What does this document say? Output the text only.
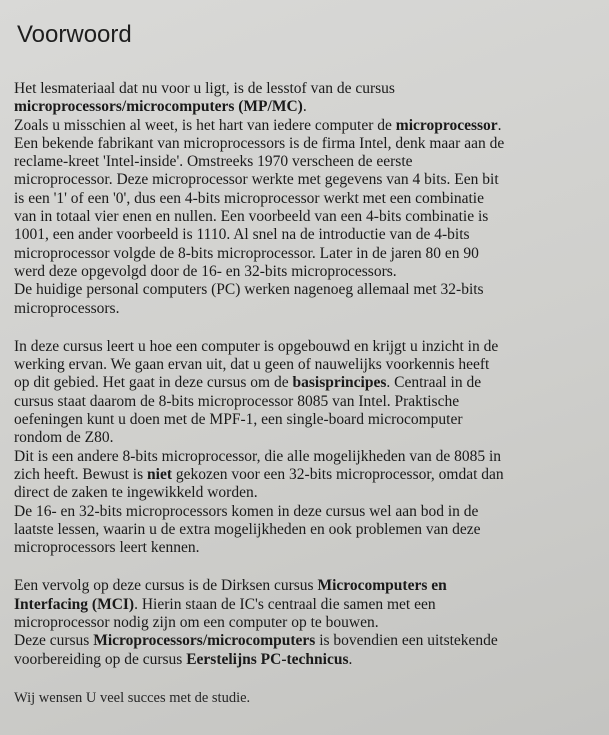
Voorwoord
Het lesmateriaal dat nu voor u ligt, is de lesstof van de cursus
microprocessors/microcomputers (MP/MC).
Zoals u misschien al weet, is het hart van iedere computer de microprocessor.
Een bekende fabrikant van microprocessors is de firma Intel, denk maar aan de
reclame-kreet 'Intel-inside'. Omstreeks 1970 verscheen de eerste
microprocessor. Deze microprocessor werkte met gegevens van 4 bits. Een bit
is een '1' of een '0', dus een 4-bits microprocessor werkt met een combinatie
van in totaal vier enen en nullen. Een voorbeeld van een 4-bits combinatie is
1001, een ander voorbeeld is 1110. Al snel na de introductie van de 4-bits
microprocessor volgde de 8-bits microprocessor. Later in de jaren 80 en 90
werd deze opgevolgd door de 16- en 32-bits microprocessors.
De huidige personal computers (PC) werken nagenoeg allemaal met 32-bits
microprocessors.
In deze cursus leert u hoe een computer is opgebouwd en krijgt u inzicht in de
werking ervan. We gaan ervan uit, dat u geen of nauwelijks voorkennis heeft
op dit gebied. Het gaat in deze cursus om de basisprincipes. Centraal in de
cursus staat daarom de 8-bits microprocessor 8085 van Intel. Praktische
oefeningen kunt u doen met de MPF-1, een single-board microcomputer
rondom de Z80.
Dit is een andere 8-bits microprocessor, die alle mogelijkheden van de 8085 in
zich heeft. Bewust is niet gekozen voor een 32-bits microprocessor, omdat dan
direct de zaken te ingewikkeld worden.
De 16- en 32-bits microprocessors komen in deze cursus wel aan bod in de
laatste lessen, waarin u de extra mogelijkheden en ook problemen van deze
microprocessors leert kennen.
Een vervolg op deze cursus is de Dirksen cursus Microcomputers en
Interfacing (MCI). Hierin staan de IC's centraal die samen met een
microprocessor nodig zijn om een computer op te bouwen.
Deze cursus Microprocessors/microcomputers is bovendien een uitstekende
voorbereiding op de cursus Eerstelijns PC-technicus.
Wij wensen U veel succes met de studie.
